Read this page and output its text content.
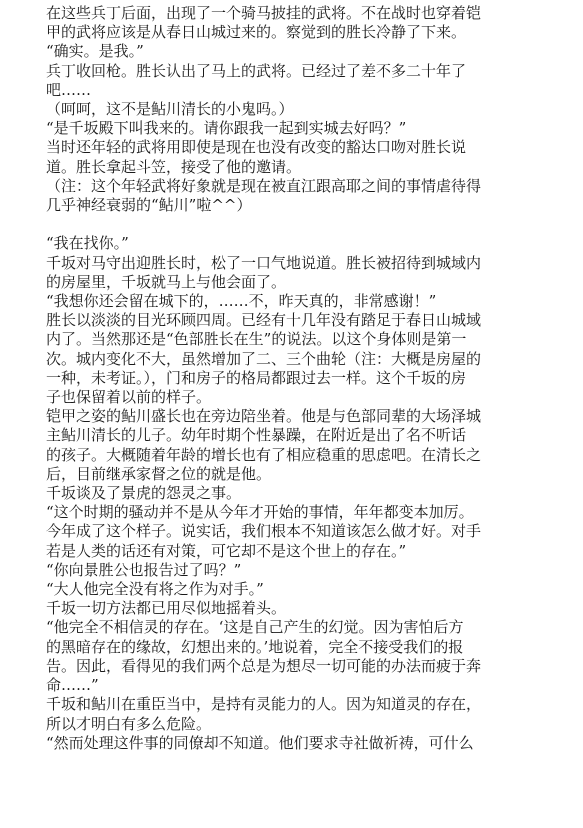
在这些兵丁后面，出现了一个骑马披挂的武将。不在战时也穿着铠

甲的武将应该是从春日山城过来的。察觉到的胜长冷静了下来。

“确实。是我。”

兵丁收回枪。胜长认出了马上的武将。已经过了差不多二十年了

吧……

（呵呵，这不是鲇川清长的小鬼吗。）

“是千坂殿下叫我来的。请你跟我一起到实城去好吗？”

当时还年轻的武将用即使是现在也没有改变的豁达口吻对胜长说

道。胜长拿起斗笠，接受了他的邀请。

（注：这个年轻武将好象就是现在被直江跟高耶之间的事情虐待得

几乎神经衰弱的“鲇川”啦^^）

“我在找你。”

千坂对马守出迎胜长时，松了一口气地说道。胜长被招待到城域内

的房屋里，千坂就马上与他会面了。

“我想你还会留在城下的，……不，昨天真的，非常感谢！”

胜长以淡淡的目光环顾四周。已经有十几年没有踏足于春日山城域

内了。当然那还是“色部胜长在生”的说法。以这个身体则是第一

次。城内变化不大，虽然增加了二、三个曲轮（注：大概是房屋的

一种，未考证。），门和房子的格局都跟过去一样。这个千坂的房

子也保留着以前的样子。

铠甲之姿的鲇川盛长也在旁边陪坐着。他是与色部同辈的大场泽城

主鲇川清长的儿子。幼年时期个性暴躁，在附近是出了名不听话

的孩子。大概随着年龄的增长也有了相应稳重的思虑吧。在清长之

后，目前继承家督之位的就是他。

千坂谈及了景虎的怨灵之事。

“这个时期的骚动并不是从今年才开始的事情，年年都变本加厉。

今年成了这个样子。说实话，我们根本不知道该怎么做才好。对手

若是人类的话还有对策，可它却不是这个世上的存在。”

“你向景胜公也报告过了吗？”

“大人他完全没有将之作为对手。”

千坂一切方法都已用尽似地摇着头。

“他完全不相信灵的存在。‘这是自己产生的幻觉。因为害怕后方

的黑暗存在的缘故，幻想出来的。’地说着，完全不接受我们的报

告。因此，看得见的我们两个总是为想尽一切可能的办法而疲于奔

命……”

千坂和鲇川在重臣当中，是持有灵能力的人。因为知道灵的存在，

所以才明白有多么危险。

“然而处理这件事的同僚却不知道。他们要求寺社做祈祷，可什么
